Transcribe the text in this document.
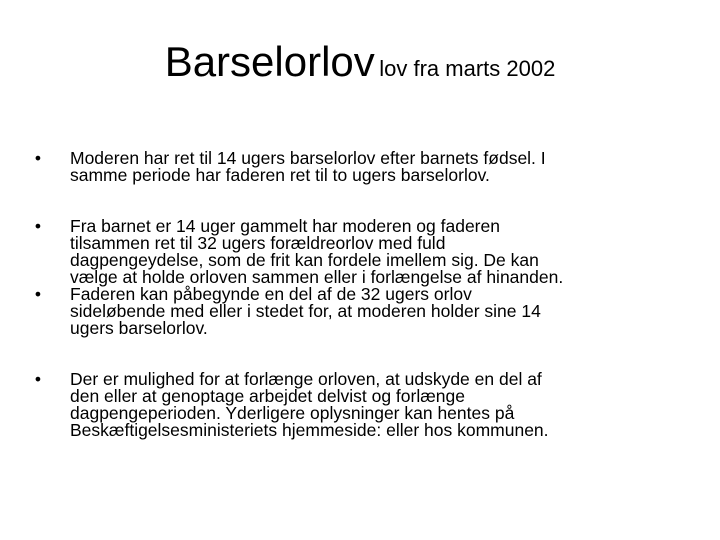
Barselorlov lov fra marts 2002
•	Moderen har ret til 14 ugers barselorlov efter barnets fødsel. I
samme periode har faderen ret til to ugers barselorlov.
•	Fra barnet er 14 uger gammelt har moderen og faderen
tilsammen ret til 32 ugers forældreorlov med fuld
dagpengeydelse, som de frit kan fordele imellem sig. De kan
vælge at holde orloven sammen eller i forlængelse af hinanden.
•	Faderen kan påbegynde en del af de 32 ugers orlov
sideløbende med eller i stedet for, at moderen holder sine 14
ugers barselorlov.
•	Der er mulighed for at forlænge orloven, at udskyde en del af
den eller at genoptage arbejdet delvist og forlænge
dagpengeperioden. Yderligere oplysninger kan hentes på
Beskæftigelsesministeriets hjemmeside: eller hos kommunen.
